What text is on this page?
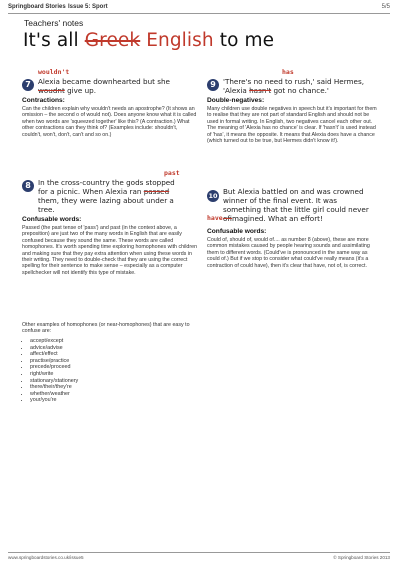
Springboard Stories Issue 5: Sport	5/5
Teachers' notes
It's all Greek English to me
wouldn't
7	Alexia became downhearted but she
woudnt give up.
Contractions:
Can the children explain why wouldn't needs an apostrophe? (It shows an omission – the second o of would not). Does anyone know what it is called when two words are 'squeezed together' like this? (A contraction.) What other contractions can they think of? (Examples include: shouldn't, couldn't, won't, don't, can't and so on.)
past
8	In the cross-country the gods stopped
for a picnic. When Alexia ran passed
them, they were lazing about under a
tree.
Confusable words:
Passed (the past tense of 'pass') and past (in the context above, a preposition) are just two of the many words in English that are easily confused because they sound the same. These words are called homophones. It's worth spending time exploring homophones with children and making sure that they pay extra attention when using these words in their writing. They need to double-check that they are using the correct spelling for their sentence to make sense – especially as a computer spellchecker will not identify this type of mistake.
Other examples of homophones (or near-homophones) that are easy to confuse are:
• accept/except
• advice/advise
• affect/effect
• practise/practice
• precede/proceed
• right/write
• stationary/stationery
• there/their/they're
• whether/weather
• your/you're
has
9	'There's no need to rush,' said Hermes,
'Alexia hasn't got no chance.'
Double-negatives:
Many children use double negatives in speech but it's important for them to realise that they are not part of standard English and should not be used in formal writing. In English, two negatives cancel each other out. The meaning of 'Alexia has no chance' is clear. If 'hasn't' is used instead of 'has', it means the opposite. It means that Alexia does have a chance (which turned out to be true, but Hermes didn't know it!).
10 But Alexia battled on and was crowned
winner of the final event. It was
something that the little girl could never
ofimagined. What an effort!
have
Confusable words:
Could of, should of, would of.... as number 8 (above), these are more common mistakes caused by people hearing sounds and assimilating them to different words. (Could've is pronounced in the same way as could of.) But if we stop to consider what could've really means (it's a contraction of could have), then it's clear that have, not of, is correct.
www.springboardstories.co.uk/issue5	© Springboard Stories 2013
